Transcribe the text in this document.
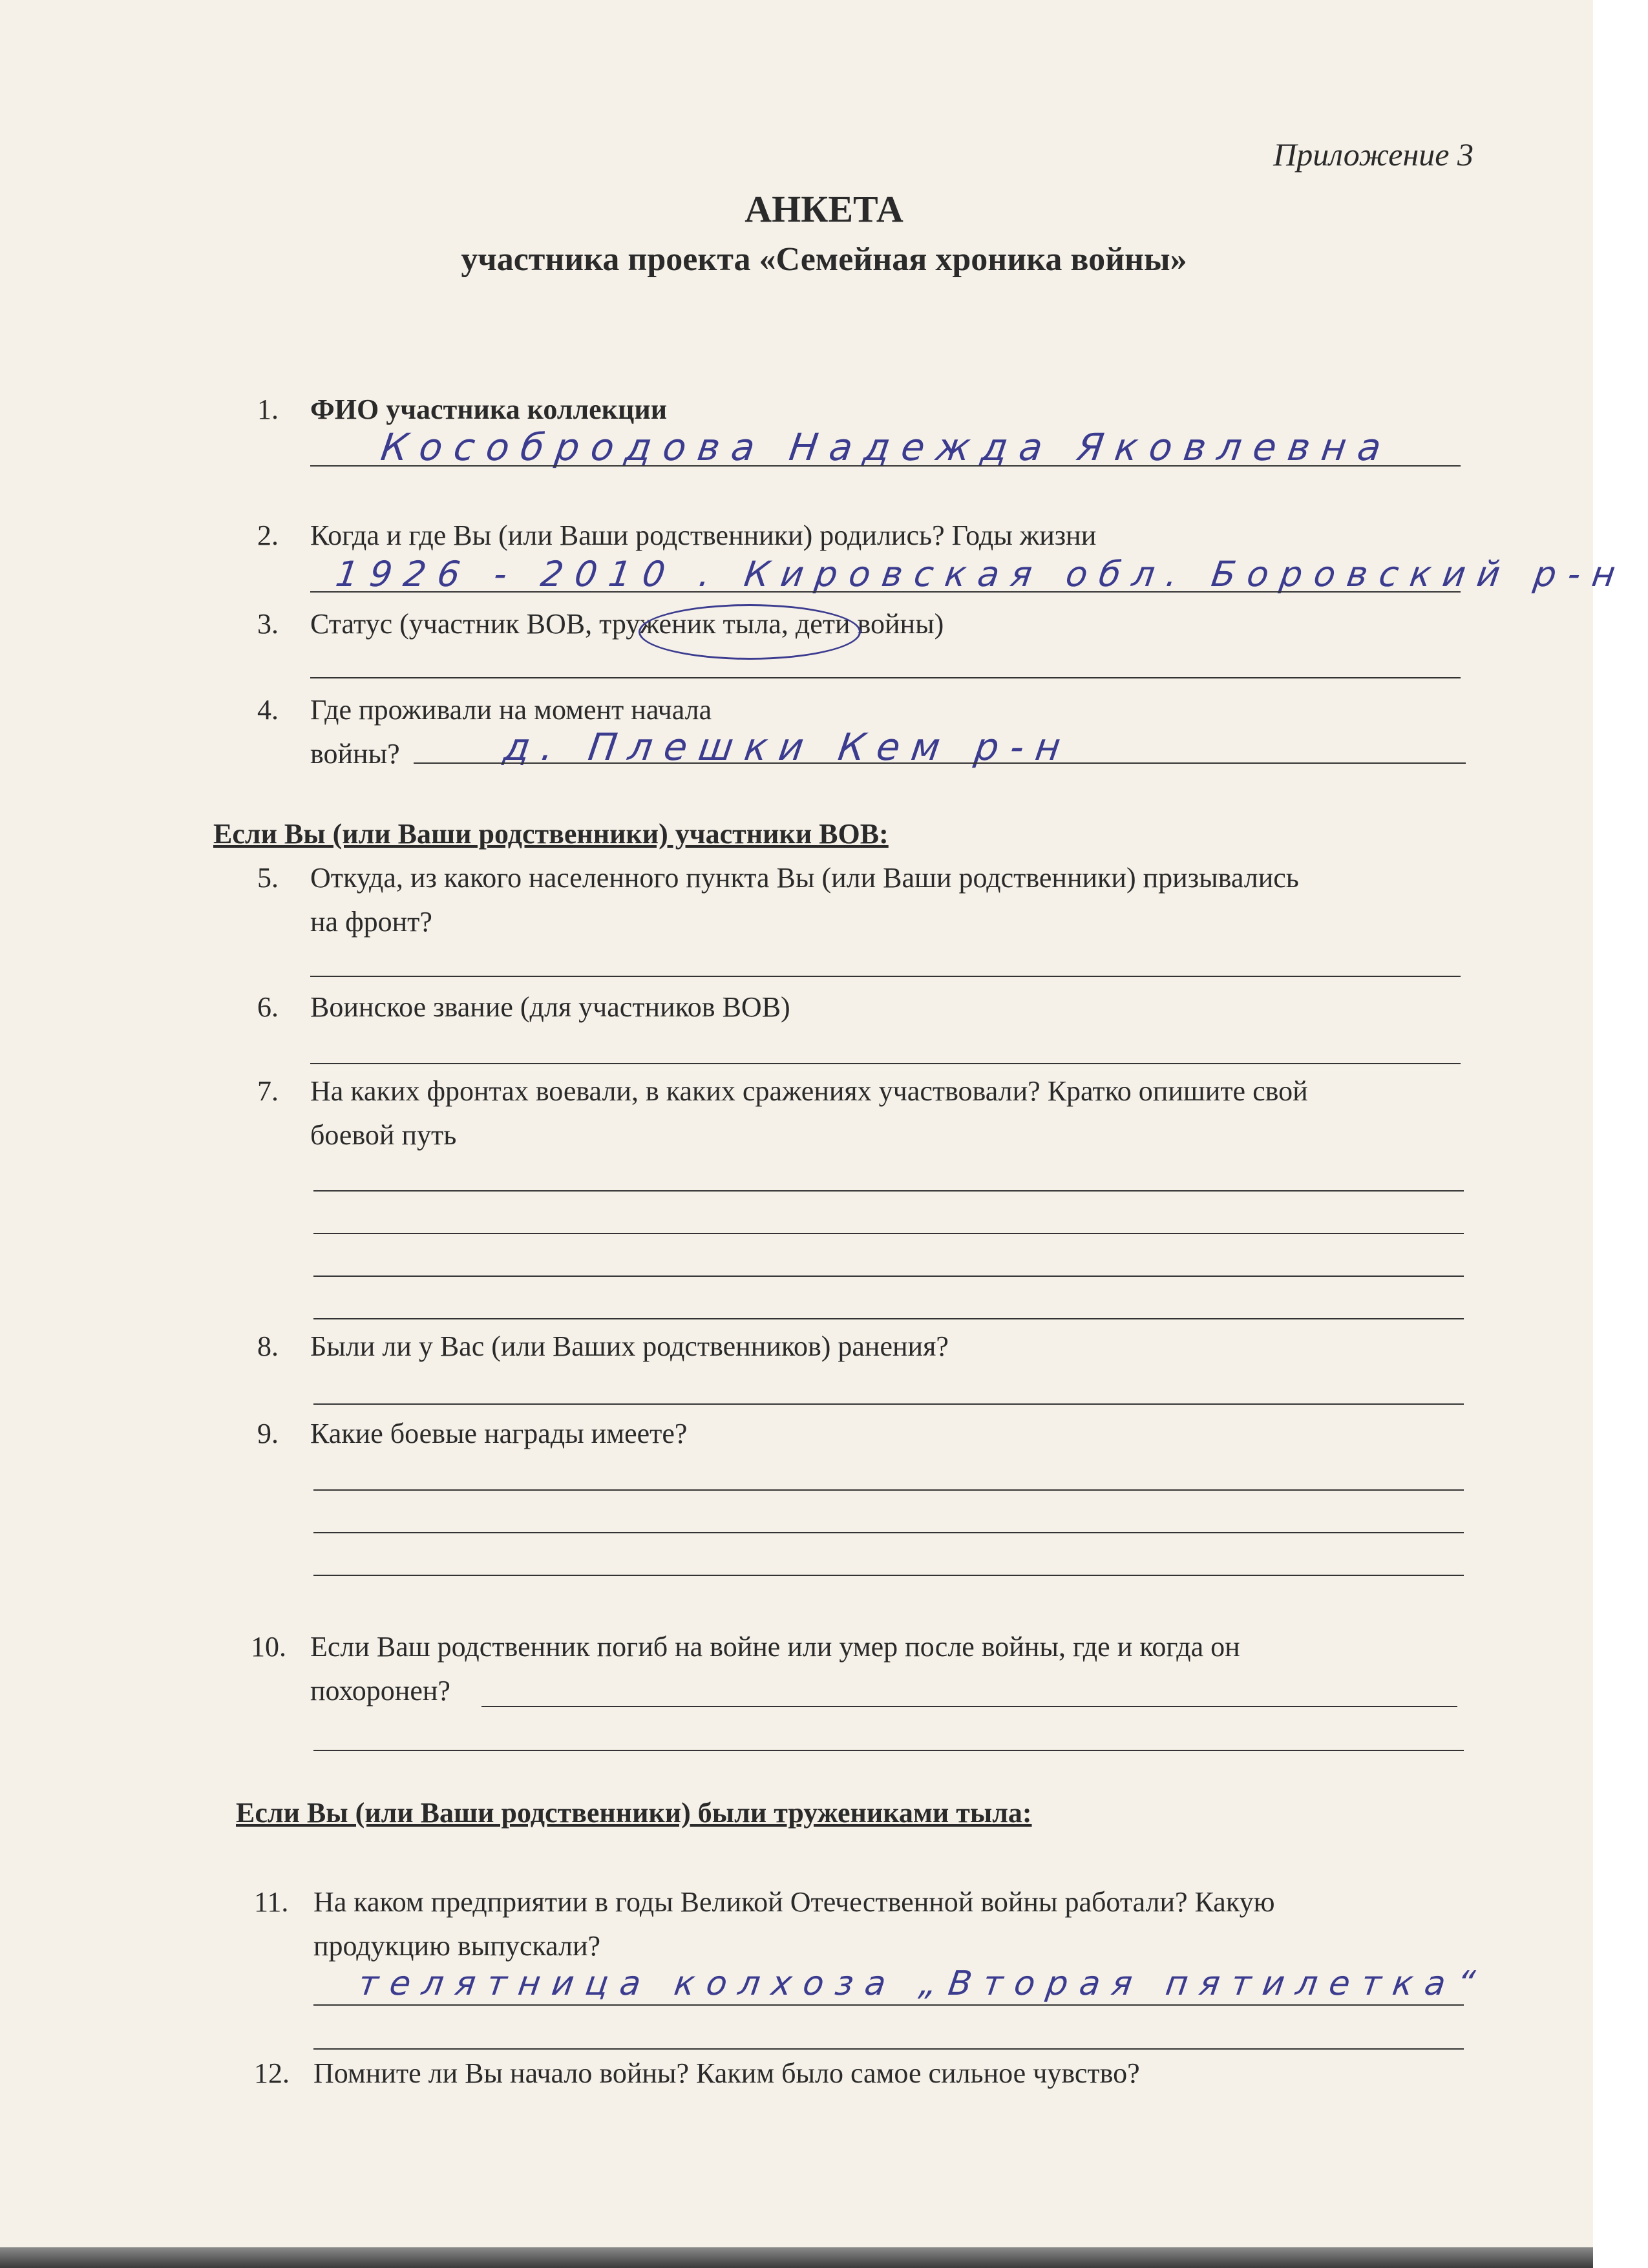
Приложение 3
АНКЕТА
участника проекта «Семейная хроника войны»
1. ФИО участника коллекции
Кособродова Надежда Яковлевна
2. Когда и где Вы (или Ваши родственники) родились? Годы жизни
1926 - 2010 . Кировская обл. Боровский р-н
3. Статус (участник ВОВ, труженик тыла, дети войны)
4. Где проживали на момент начала
войны?	д. Плешки Кем р-н
Если Вы (или Ваши родственники) участники ВОВ:
5. Откуда, из какого населенного пункта Вы (или Ваши родственники) призывались
на фронт?
6. Воинское звание (для участников ВОВ)
7. На каких фронтах воевали, в каких сражениях участвовали? Кратко опишите свой
боевой путь
8. Были ли у Вас (или Ваших родственников) ранения?
9. Какие боевые награды имеете?
10. Если Ваш родственник погиб на войне или умер после войны, где и когда он
похоронен?
Если Вы (или Ваши родственники) были тружениками тыла:
11. На каком предприятии в годы Великой Отечественной войны работали? Какую
продукцию выпускали?
телятница колхоза „Вторая пятилетка“
12. Помните ли Вы начало войны? Каким было самое сильное чувство?
